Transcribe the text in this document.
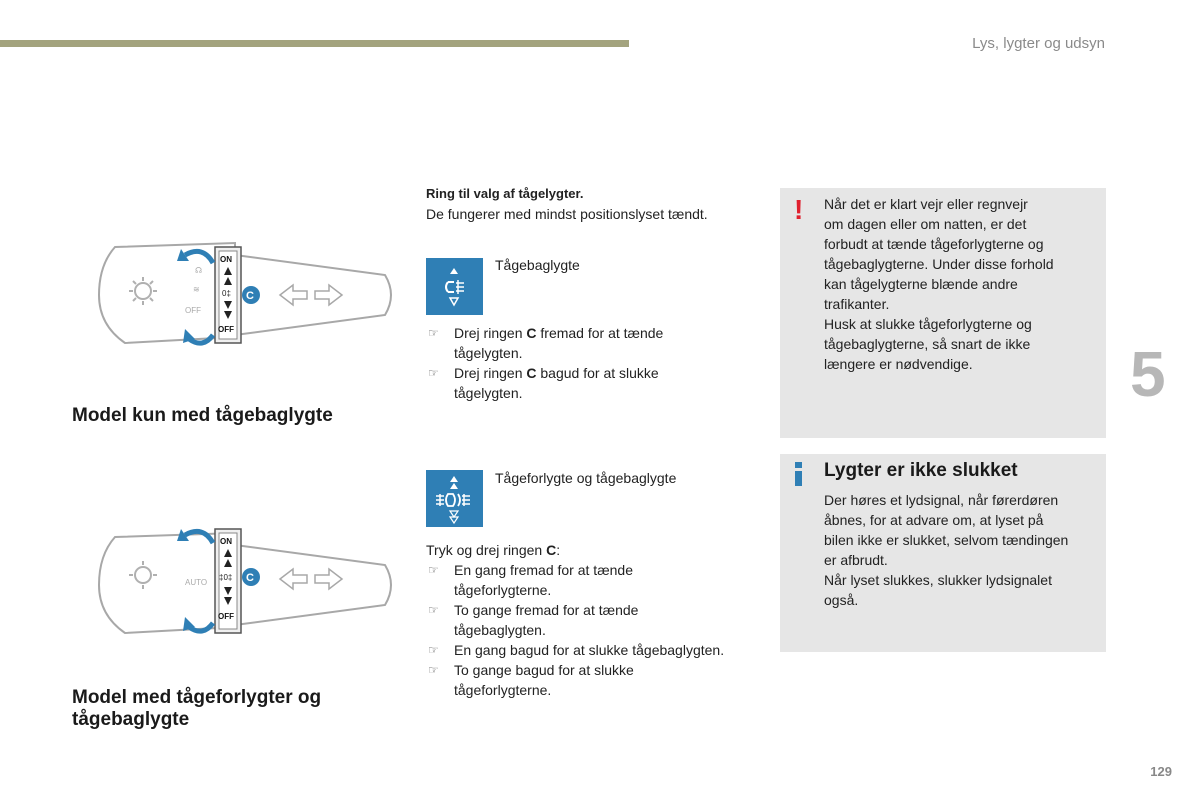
Lys, lygter og udsyn
5
129
☊
≋
OFF
ON
0‡
OFF
C
Model kun med tågebaglygte
AUTO
ON
‡0‡
OFF
C
Model med tågeforlygter og
tågebaglygte
Ring til valg af tågelygter.
De fungerer med mindst positionslyset tændt.
Tågebaglygte
☞ Drej ringen C fremad for at tænde
tågelygten.
☞ Drej ringen C bagud for at slukke
tågelygten.
Tågeforlygte og tågebaglygte
Tryk og drej ringen C:
☞ En gang fremad for at tænde
tågeforlygterne.
☞ To gange fremad for at tænde
tågebaglygten.
☞ En gang bagud for at slukke tågebaglygten.
☞ To gange bagud for at slukke
tågeforlygterne.
! Når det er klart vejr eller regnvejr
om dagen eller om natten, er det
forbudt at tænde tågeforlygterne og
tågebaglygterne. Under disse forhold
kan tågelygterne blænde andre
trafikanter.
Husk at slukke tågeforlygterne og
tågebaglygterne, så snart de ikke
længere er nødvendige.
Lygter er ikke slukket
Der høres et lydsignal, når førerdøren
åbnes, for at advare om, at lyset på
bilen ikke er slukket, selvom tændingen
er afbrudt.
Når lyset slukkes, slukker lydsignalet
også.
